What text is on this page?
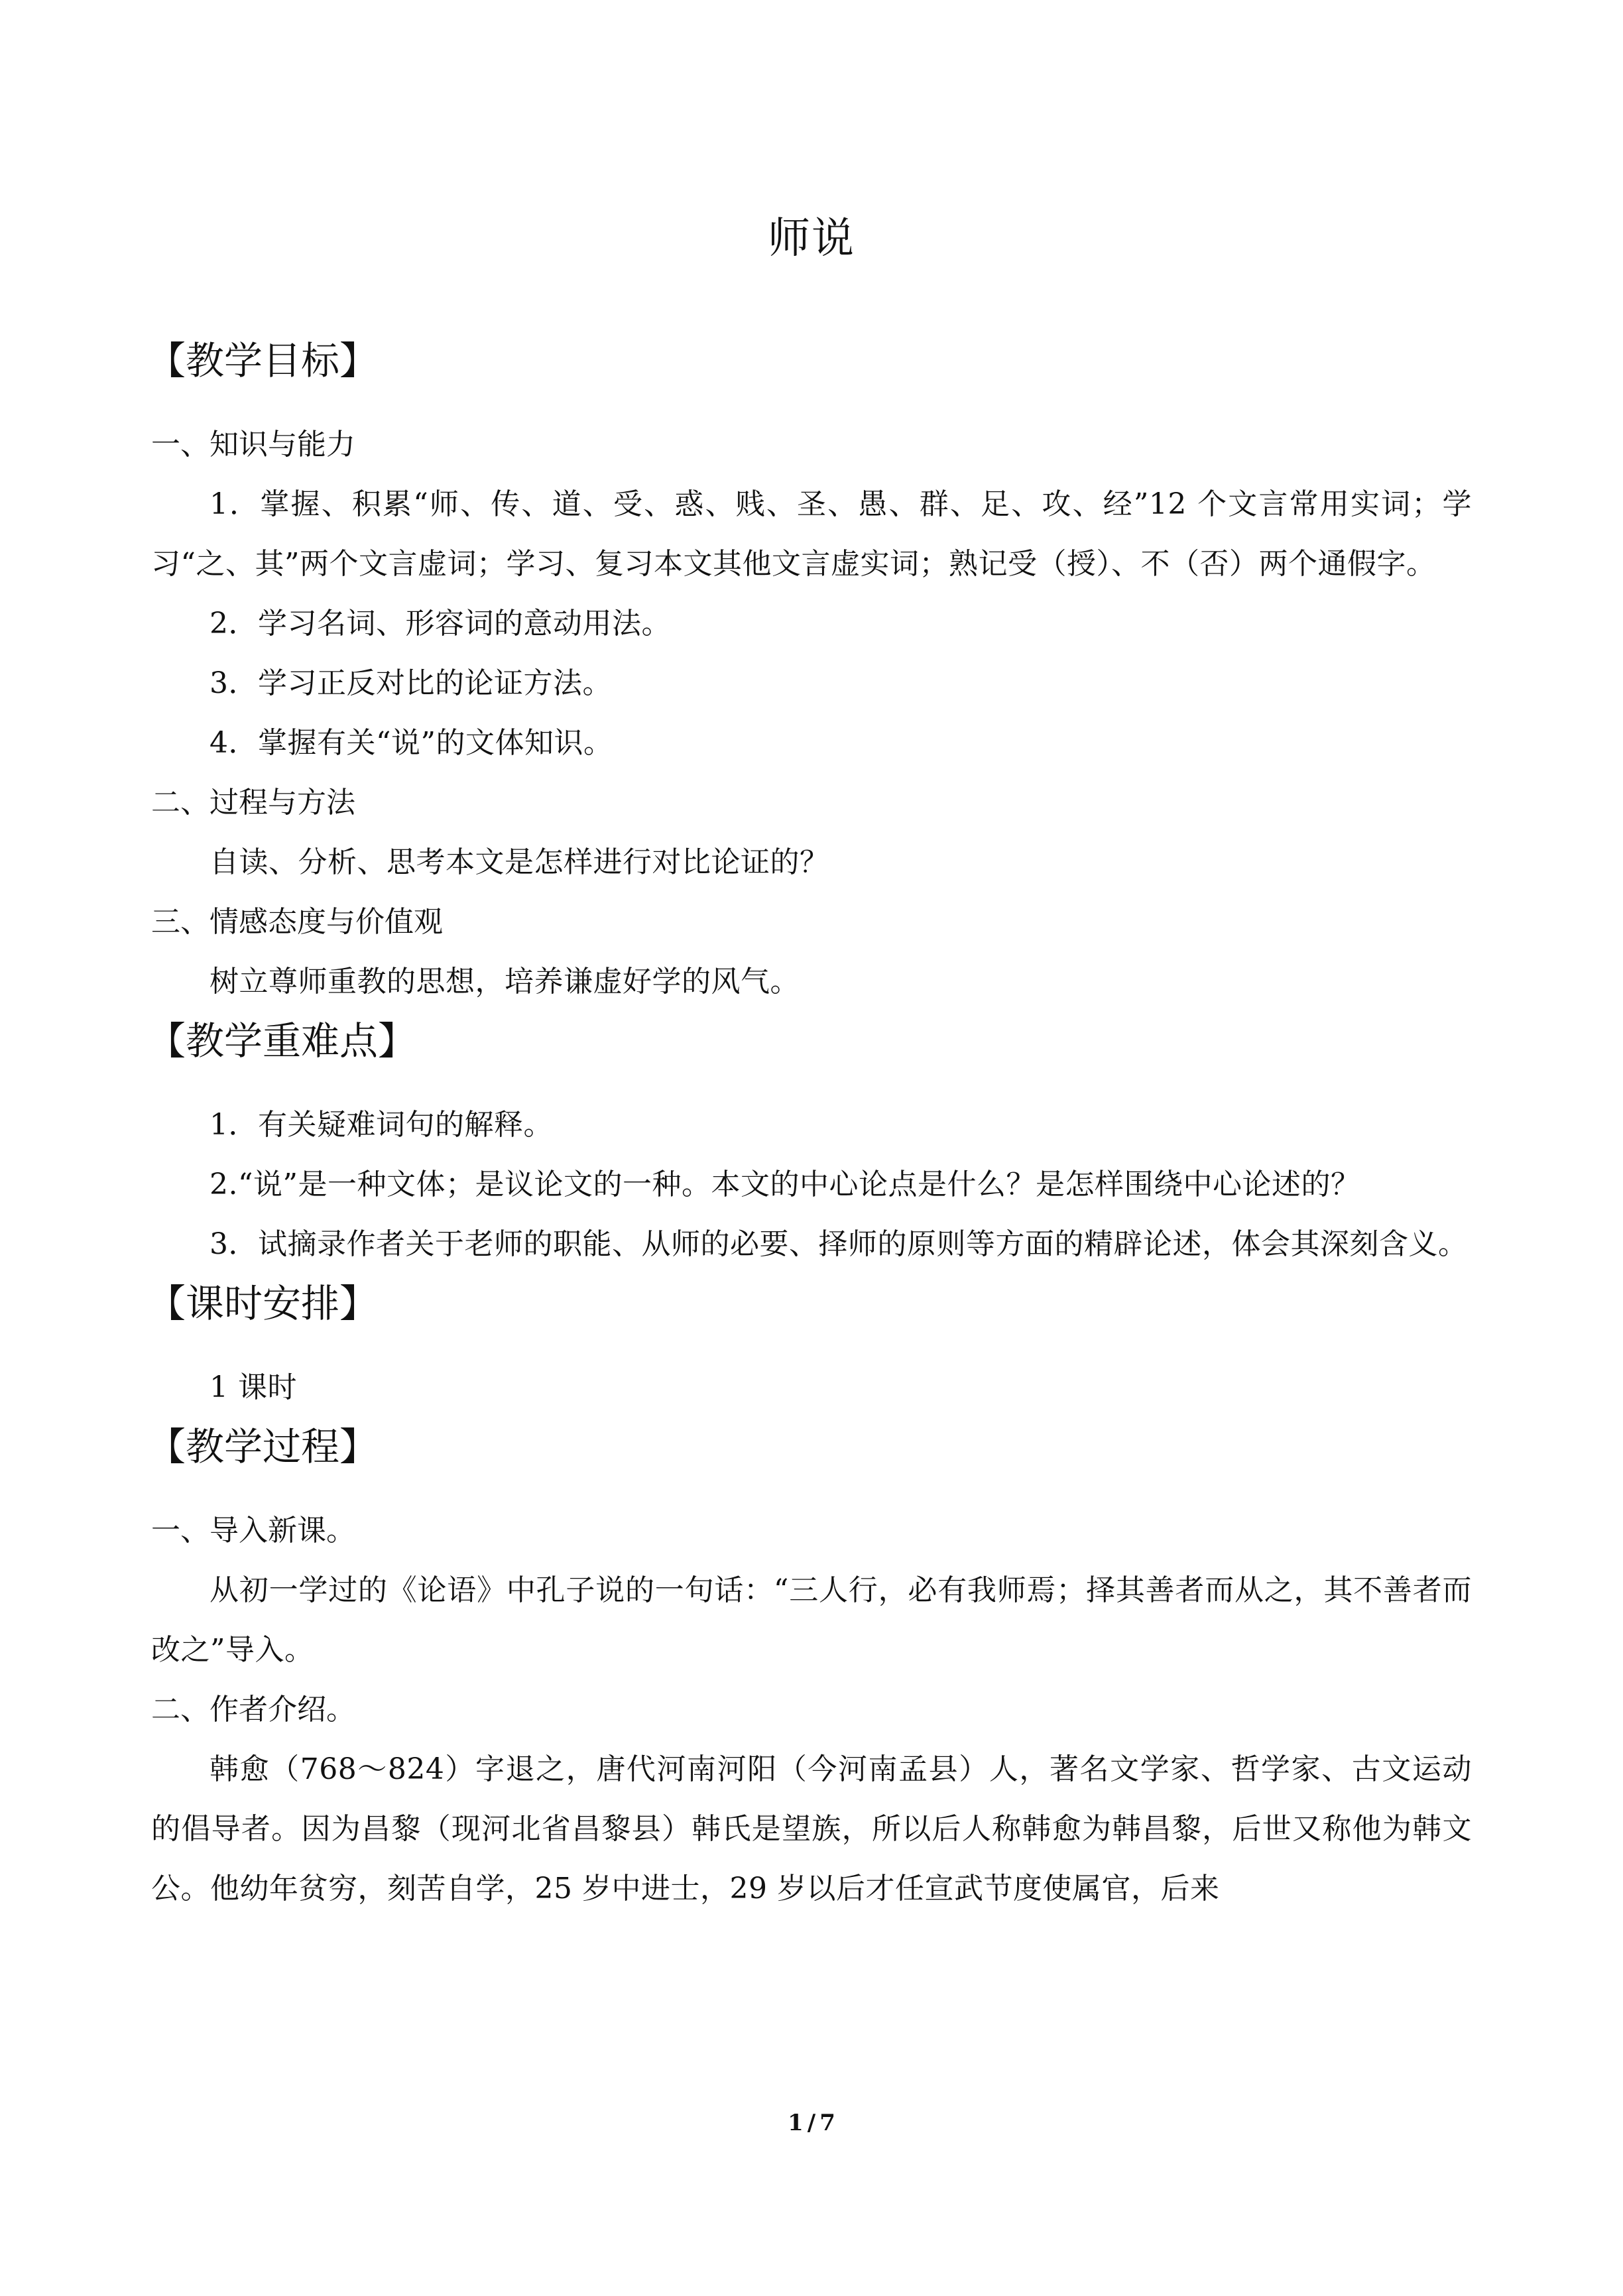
师说
【教学目标】

一、知识与能力

1．掌握、积累“师、传、道、受、惑、贱、圣、愚、群、足、攻、经”12 个文言常用实词；学习“之、其”两个文言虚词；学习、复习本文其他文言虚实词；熟记受（授）、不（否）两个通假字。

2．学习名词、形容词的意动用法。

3．学习正反对比的论证方法。

4．掌握有关“说”的文体知识。

二、过程与方法

自读、分析、思考本文是怎样进行对比论证的？

三、情感态度与价值观

树立尊师重教的思想，培养谦虚好学的风气。

【教学重难点】

1．有关疑难词句的解释。

2.“说”是一种文体；是议论文的一种。本文的中心论点是什么？是怎样围绕中心论述的？

3．试摘录作者关于老师的职能、从师的必要、择师的原则等方面的精辟论述，体会其深刻含义。

【课时安排】

1 课时

【教学过程】

一、导入新课。

从初一学过的《论语》中孔子说的一句话：“三人行，必有我师焉；择其善者而从之，其不善者而改之”导入。

二、作者介绍。

韩愈（768～824）字退之，唐代河南河阳（今河南孟县）人，著名文学家、哲学家、古文运动的倡导者。因为昌黎（现河北省昌黎县）韩氏是望族，所以后人称韩愈为韩昌黎，后世又称他为韩文公。他幼年贫穷，刻苦自学，25 岁中进士，29 岁以后才任宣武节度使属官，后来

1 / 7
